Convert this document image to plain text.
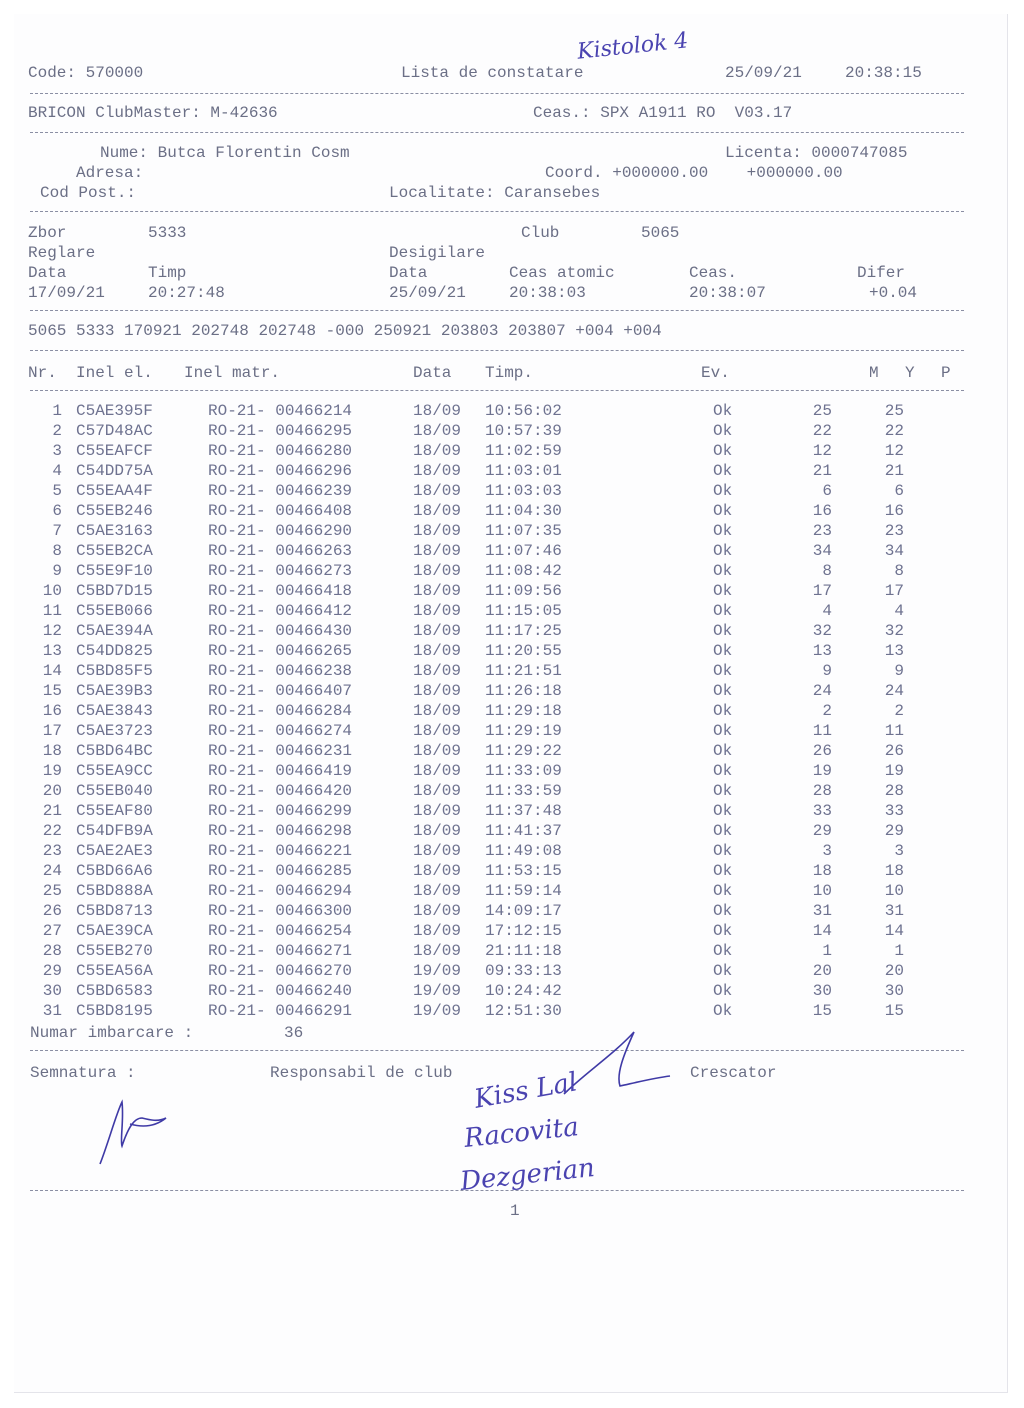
Kistolok 4
Code: 570000	Lista de constatare	25/09/21	20:38:15
BRICON ClubMaster: M-42636	Ceas.: SPX A1911 RO  V03.17
Nume: Butca Florentin Cosm	Licenta: 0000747085
Adresa:	Coord. +000000.00    +000000.00
Cod Post.:	Localitate: Caransebes
Zbor	5333	Club	5065
Reglare	Desigilare
Data	Timp	Data	Ceas atomic	Ceas.	Difer
17/09/21	20:27:48	25/09/21	20:38:03	20:38:07	+0.04
5065 5333 170921 202748 202748 -000 250921 203803 203807 +004 +004
Nr. Inel el. Inel matr.	Data Timp.	Ev.	M Y P
1 C5AE395F	RO-21- 00466214	18/09	10:56:02	Ok	25	25
2 C57D48AC	RO-21- 00466295	18/09	10:57:39	Ok	22	22
3 C55EAFCF	RO-21- 00466280	18/09	11:02:59	Ok	12	12
4 C54DD75A	RO-21- 00466296	18/09	11:03:01	Ok	21	21
5 C55EAA4F	RO-21- 00466239	18/09	11:03:03	Ok	6	6
6 C55EB246	RO-21- 00466408	18/09	11:04:30	Ok	16	16
7 C5AE3163	RO-21- 00466290	18/09	11:07:35	Ok	23	23
8 C55EB2CA	RO-21- 00466263	18/09	11:07:46	Ok	34	34
9 C55E9F10	RO-21- 00466273	18/09	11:08:42	Ok	8	8
10 C5BD7D15	RO-21- 00466418	18/09	11:09:56	Ok	17	17
11 C55EB066	RO-21- 00466412	18/09	11:15:05	Ok	4	4
12 C5AE394A	RO-21- 00466430	18/09	11:17:25	Ok	32	32
13 C54DD825	RO-21- 00466265	18/09	11:20:55	Ok	13	13
14 C5BD85F5	RO-21- 00466238	18/09	11:21:51	Ok	9	9
15 C5AE39B3	RO-21- 00466407	18/09	11:26:18	Ok	24	24
16 C5AE3843	RO-21- 00466284	18/09	11:29:18	Ok	2	2
17 C5AE3723	RO-21- 00466274	18/09	11:29:19	Ok	11	11
18 C5BD64BC	RO-21- 00466231	18/09	11:29:22	Ok	26	26
19 C55EA9CC	RO-21- 00466419	18/09	11:33:09	Ok	19	19
20 C55EB040	RO-21- 00466420	18/09	11:33:59	Ok	28	28
21 C55EAF80	RO-21- 00466299	18/09	11:37:48	Ok	33	33
22 C54DFB9A	RO-21- 00466298	18/09	11:41:37	Ok	29	29
23 C5AE2AE3	RO-21- 00466221	18/09	11:49:08	Ok	3	3
24 C5BD66A6	RO-21- 00466285	18/09	11:53:15	Ok	18	18
25 C5BD888A	RO-21- 00466294	18/09	11:59:14	Ok	10	10
26 C5BD8713	RO-21- 00466300	18/09	14:09:17	Ok	31	31
27 C5AE39CA	RO-21- 00466254	18/09	17:12:15	Ok	14	14
28 C55EB270	RO-21- 00466271	18/09	21:11:18	Ok	1	1
29 C55EA56A	RO-21- 00466270	19/09	09:33:13	Ok	20	20
30 C5BD6583	RO-21- 00466240	19/09	10:24:42	Ok	30	30
31 C5BD8195	RO-21- 00466291	19/09	12:51:30	Ok	15	15
Numar imbarcare :	36
Semnatura :	Responsabil de club	Crescator
Kiss Lal
Racovita
Dezgerian
1
